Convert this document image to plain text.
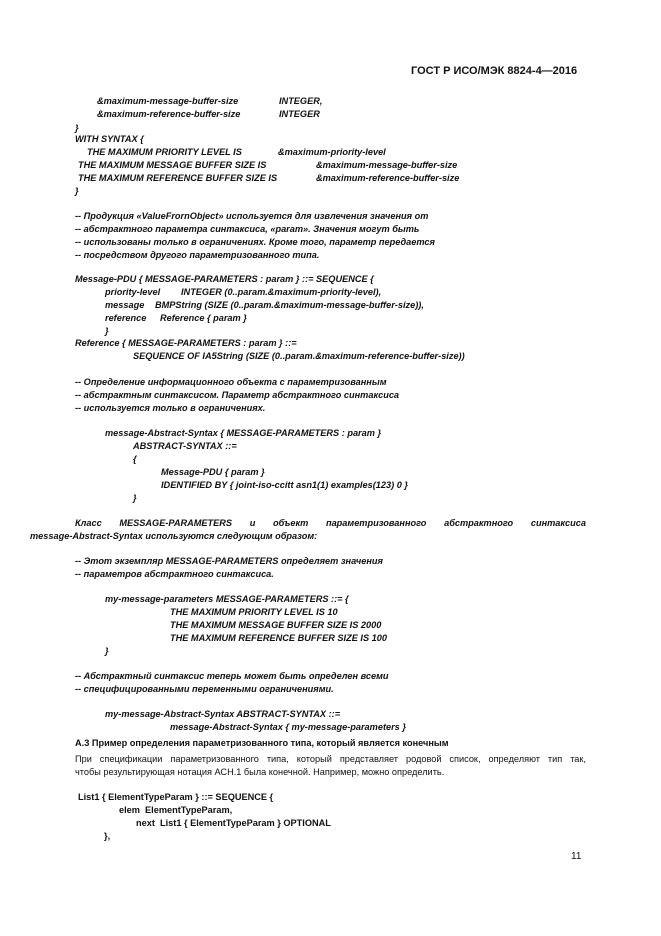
ГОСТ Р ИСО/МЭК 8824-4—2016
&maximum-message-buffer-size	INTEGER,
&maximum-reference-buffer-size	INTEGER
}
WITH SYNTAX {
THE MAXIMUM PRIORITY LEVEL IS	&maximum-priority-level
THE MAXIMUM MESSAGE BUFFER SIZE IS	&maximum-message-buffer-size
THE MAXIMUM REFERENCE BUFFER SIZE IS	&maximum-reference-buffer-size
}
-- Продукция «ValueFrornObject» используется для извлечения значения от
-- абстрактного параметра синтаксиса, «param». Значения могут быть
-- использованы только в ограничениях. Кроме того, параметр передается
-- посредством другого параметризованного типа.
Message-PDU { MESSAGE-PARAMETERS : param } ::= SEQUENCE {
priority-level INTEGER (0..param.&maximum-priority-level),
message BMPString (SIZE (0..param.&maximum-message-buffer-size)),
reference Reference { param }
}
Reference { MESSAGE-PARAMETERS : param } ::=
SEQUENCE OF IA5String (SIZE (0..param.&maximum-reference-buffer-size))
-- Определение информационного объекта с параметризованным
-- абстрактным синтаксисом. Параметр абстрактного синтаксиса
-- используется только в ограничениях.
message-Abstract-Syntax { MESSAGE-PARAMETERS : param }
ABSTRACT-SYNTAX ::=
{
Message-PDU { param }
IDENTIFIED BY { joint-iso-ccitt asn1(1) examples(123) 0 }
}
Класс MESSAGE-PARAMETERS и объект параметризованного абстрактного синтаксиса
message-Abstract-Syntax используются следующим образом:
-- Этот экземпляр MESSAGE-PARAMETERS определяет значения
-- параметров абстрактного синтаксиса.
my-message-parameters MESSAGE-PARAMETERS ::= {
THE MAXIMUM PRIORITY LEVEL IS 10
THE MAXIMUM MESSAGE BUFFER SIZE IS 2000
THE MAXIMUM REFERENCE BUFFER SIZE IS 100
}
-- Абстрактный синтаксис теперь может быть определен всеми
-- специфицированными переменными ограничениями.
my-message-Abstract-Syntax ABSTRACT-SYNTAX ::=
message-Abstract-Syntax { my-message-parameters }
А.3 Пример определения параметризованного типа, который является конечным
При спецификации параметризованного типа, который представляет родовой список, определяют тип так,
чтобы результирующая нотация АСН.1 была конечной. Например, можно определить.
List1 { ElementTypeParam } ::= SEQUENCE {
elem  ElementTypeParam,
next  List1 { ElementTypeParam } OPTIONAL
},
11
